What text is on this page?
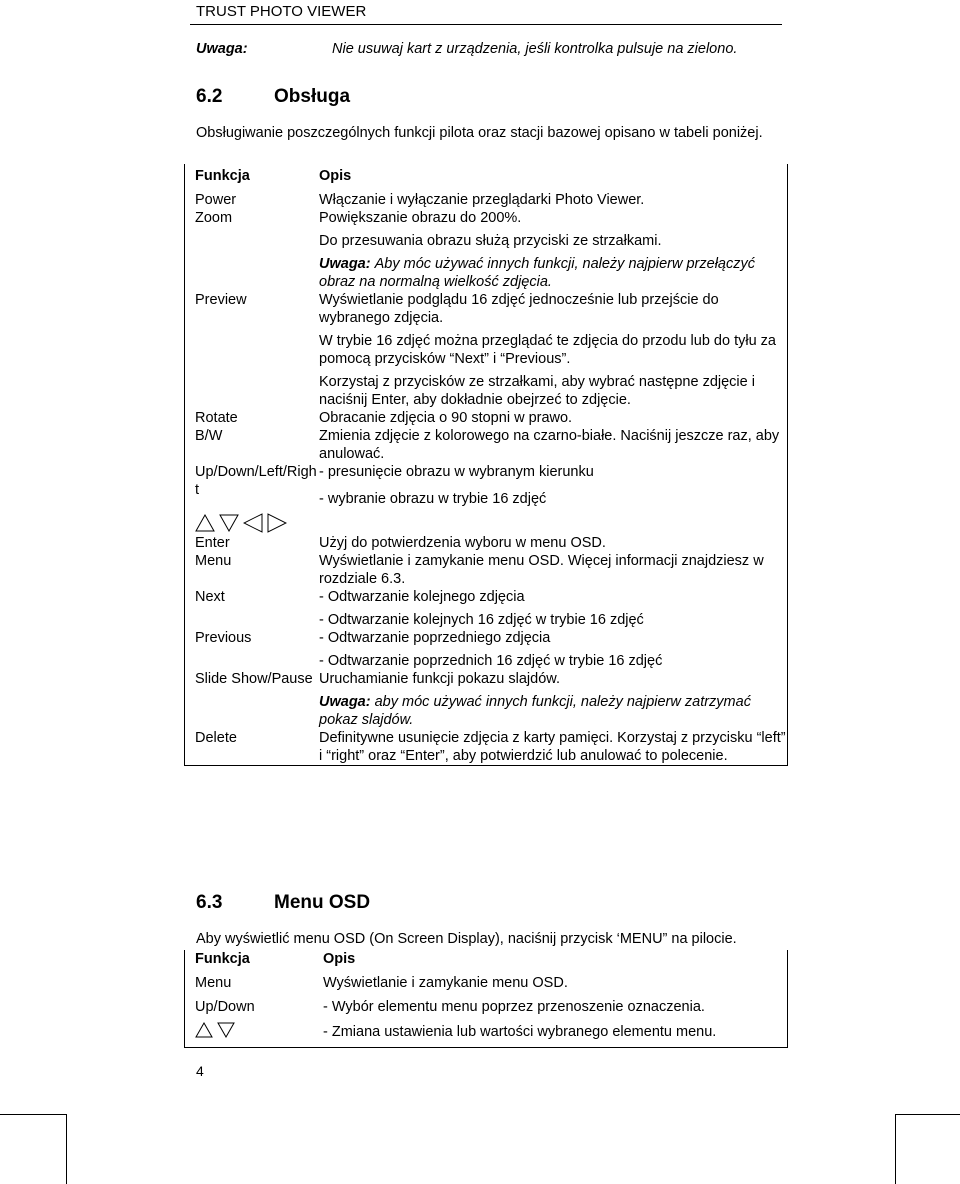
TRUST PHOTO VIEWER
Uwaga:	Nie usuwaj kart z urządzenia, jeśli kontrolka pulsuje na zielono.
6.2	Obsługa
Obsługiwanie poszczególnych funkcji pilota oraz stacji bazowej opisano w tabeli poniżej.
Funkcja	Opis
Power	Włączanie i wyłączanie przeglądarki Photo Viewer.
Zoom	Powiększanie obrazu do 200%.
Do przesuwania obrazu służą przyciski ze strzałkami.
Uwaga: Aby móc używać innych funkcji, należy najpierw przełączyć obraz na normalną wielkość zdjęcia.

Preview	Wyświetlanie podglądu 16 zdjęć jednocześnie lub przejście do wybranego zdjęcia.
W trybie 16 zdjęć można przeglądać te zdjęcia do przodu lub do tyłu za pomocą przycisków “Next” i “Previous”.
Korzystaj z przycisków ze strzałkami, aby wybrać następne zdjęcie i naciśnij Enter, aby dokładnie obejrzeć to zdjęcie.

Rotate	Obracanie zdjęcia o 90 stopni w prawo.
B/W	Zmienia zdjęcie z kolorowego na czarno-białe. Naciśnij jeszcze raz, aby anulować.

Up/Down/Left/Right	- presunięcie obrazu w wybranym kierunku
- wybranie obrazu w trybie 16 zdjęć

Enter	Użyj do potwierdzenia wyboru w menu OSD.
Menu	Wyświetlanie i zamykanie menu OSD. Więcej informacji znajdziesz w rozdziale 6.3.
Next	- Odtwarzanie kolejnego zdjęcia
- Odtwarzanie kolejnych 16 zdjęć w trybie 16 zdjęć

Previous	- Odtwarzanie poprzedniego zdjęcia
- Odtwarzanie poprzednich 16 zdjęć w trybie 16 zdjęć

Slide Show/Pause	Uruchamianie funkcji pokazu slajdów.
Uwaga: aby móc używać innych funkcji, należy najpierw zatrzymać pokaz slajdów.

Delete	Definitywne usunięcie zdjęcia z karty pamięci. Korzystaj z przycisku “left” i “right” oraz “Enter”, aby potwierdzić lub anulować to polecenie.
6.3	Menu OSD
Aby wyświetlić menu OSD (On Screen Display), naciśnij przycisk ‘MENU” na pilocie.
Funkcja	Opis
Menu	Wyświetlanie i zamykanie menu OSD.

Up/Down	- Wybór elementu menu poprzez przenoszenie oznaczenia.
- Zmiana ustawienia lub wartości wybranego elementu menu.
4
